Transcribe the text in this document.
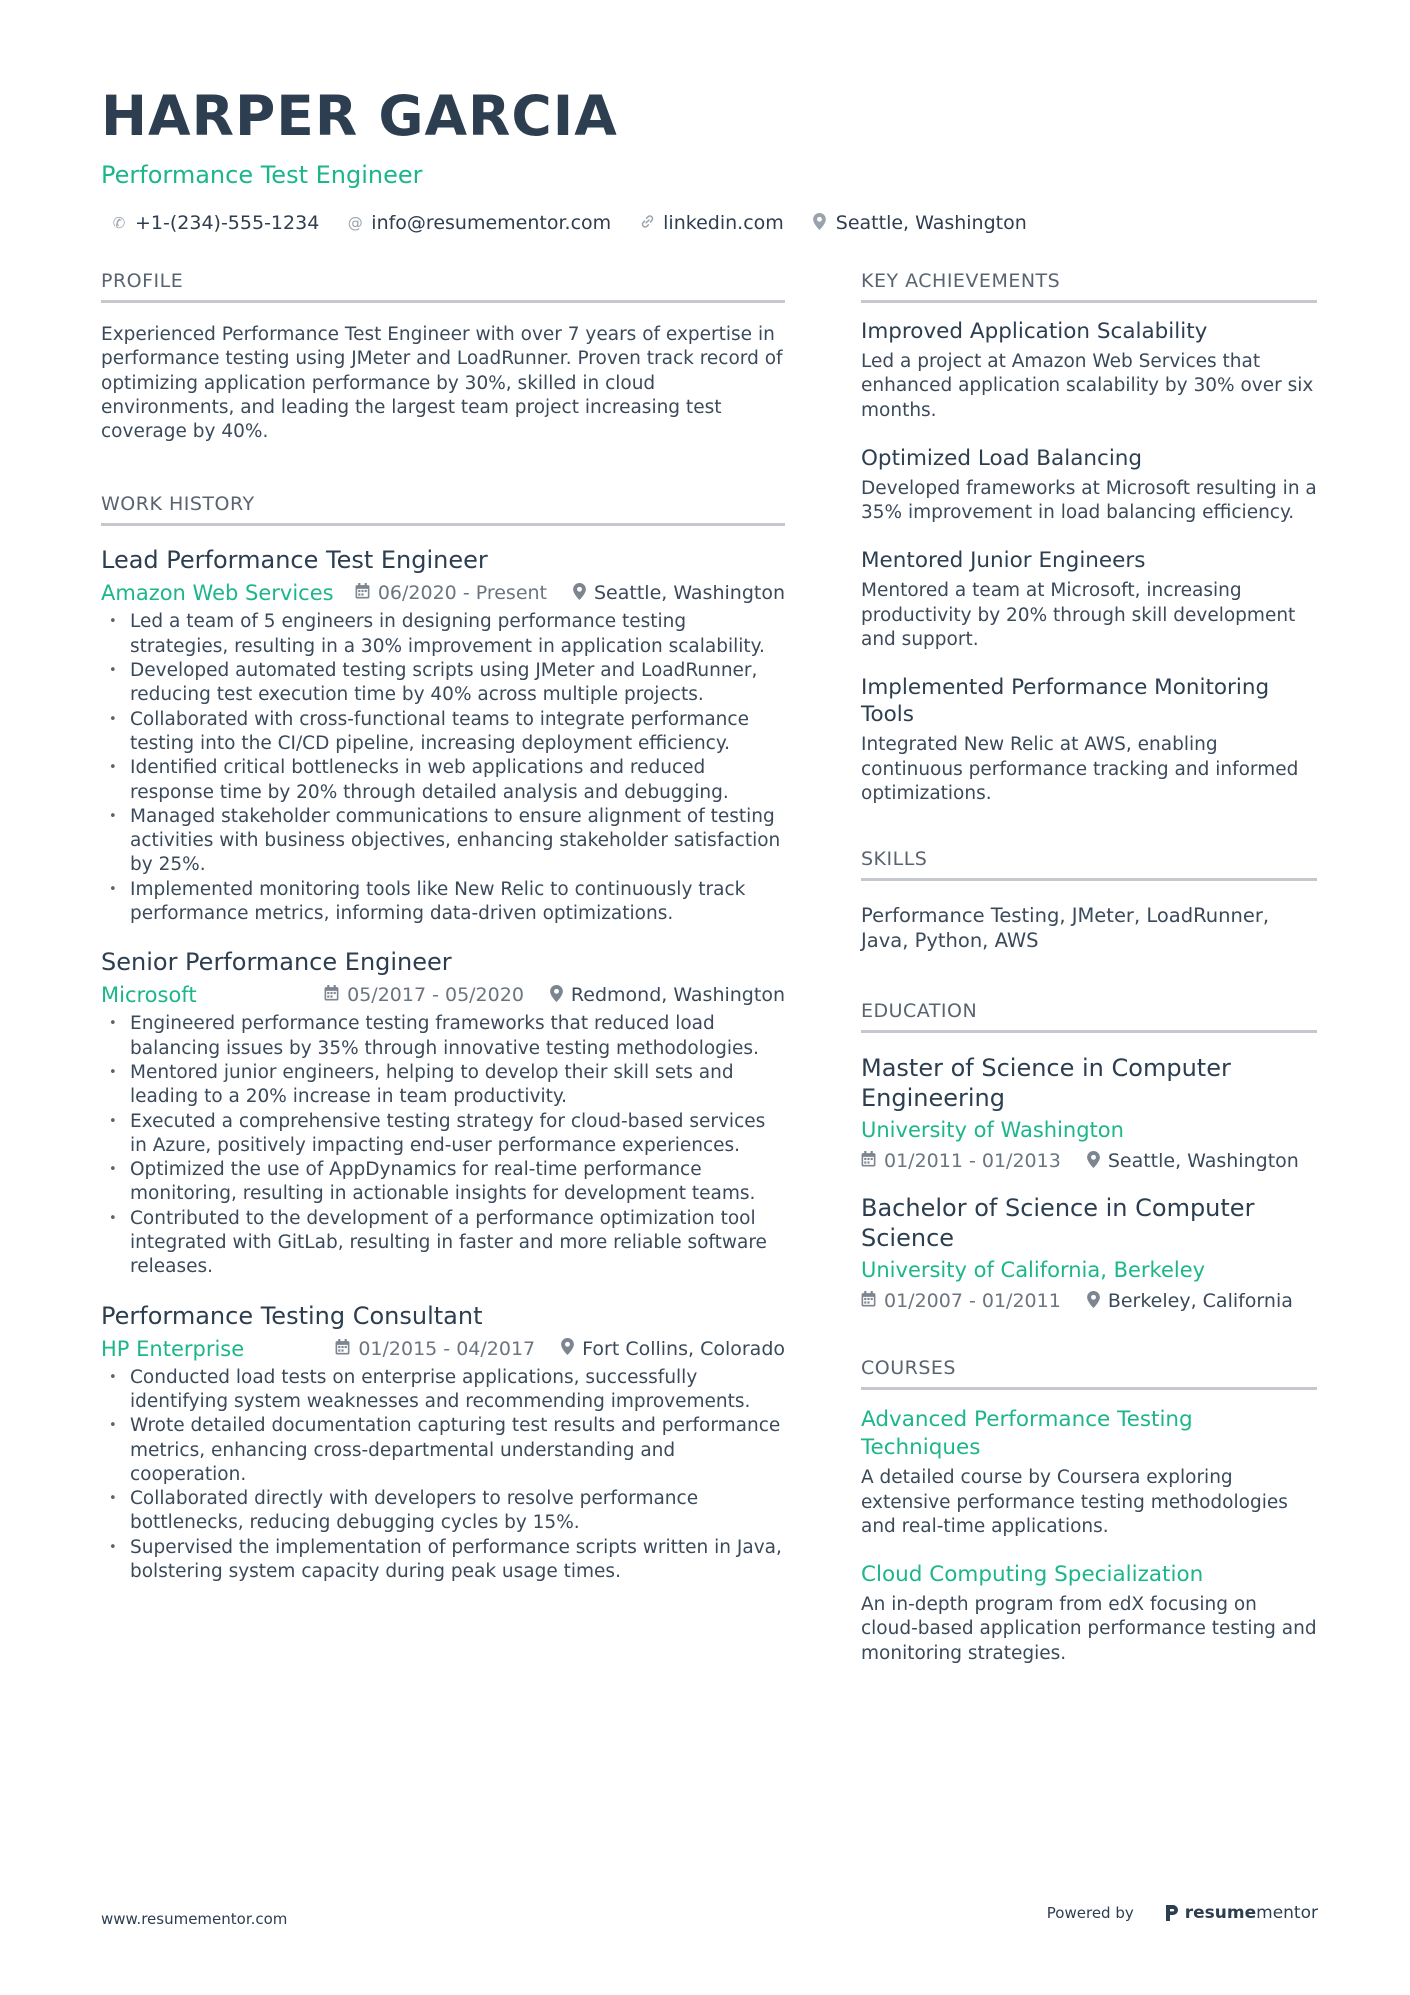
HARPER GARCIA
Performance Test Engineer
✆ +1-(234)-555-1234 @ info@resumementor.com	linkedin.com	Seattle, Washington
PROFILE
Experienced Performance Test Engineer with over 7 years of expertise in performance testing using JMeter and LoadRunner. Proven track record of optimizing application performance by 30%, skilled in cloud environments, and leading the largest team project increasing test coverage by 40%.
WORK HISTORY
Lead Performance Test Engineer
Amazon Web Services 06/2020 - Present Seattle, Washington
• Led a team of 5 engineers in designing performance testing strategies, resulting in a 30% improvement in application scalability.
• Developed automated testing scripts using JMeter and LoadRunner, reducing test execution time by 40% across multiple projects.
• Collaborated with cross-functional teams to integrate performance testing into the CI/CD pipeline, increasing deployment efficiency.
• Identified critical bottlenecks in web applications and reduced response time by 20% through detailed analysis and debugging.
• Managed stakeholder communications to ensure alignment of testing activities with business objectives, enhancing stakeholder satisfaction by 25%.
• Implemented monitoring tools like New Relic to continuously track performance metrics, informing data-driven optimizations.
Senior Performance Engineer
Microsoft	05/2017 - 05/2020 Redmond, Washington
• Engineered performance testing frameworks that reduced load balancing issues by 35% through innovative testing methodologies.
• Mentored junior engineers, helping to develop their skill sets and leading to a 20% increase in team productivity.
• Executed a comprehensive testing strategy for cloud-based services in Azure, positively impacting end-user performance experiences.
• Optimized the use of AppDynamics for real-time performance monitoring, resulting in actionable insights for development teams.
• Contributed to the development of a performance optimization tool integrated with GitLab, resulting in faster and more reliable software releases.
Performance Testing Consultant
HP Enterprise	01/2015 - 04/2017 Fort Collins, Colorado
• Conducted load tests on enterprise applications, successfully identifying system weaknesses and recommending improvements.
• Wrote detailed documentation capturing test results and performance metrics, enhancing cross-departmental understanding and cooperation.
• Collaborated directly with developers to resolve performance bottlenecks, reducing debugging cycles by 15%.
• Supervised the implementation of performance scripts written in Java, bolstering system capacity during peak usage times.
KEY ACHIEVEMENTS
Improved Application Scalability
Led a project at Amazon Web Services that enhanced application scalability by 30% over six months.
Optimized Load Balancing
Developed frameworks at Microsoft resulting in a 35% improvement in load balancing efficiency.
Mentored Junior Engineers
Mentored a team at Microsoft, increasing productivity by 20% through skill development and support.
Implemented Performance Monitoring Tools
Integrated New Relic at AWS, enabling continuous performance tracking and informed optimizations.
SKILLS
Performance Testing, JMeter, LoadRunner, Java, Python, AWS
EDUCATION
Master of Science in Computer Engineering
University of Washington
01/2011 - 01/2013 Seattle, Washington
Bachelor of Science in Computer Science
University of California, Berkeley
01/2007 - 01/2011 Berkeley, California
COURSES
Advanced Performance Testing Techniques
A detailed course by Coursera exploring extensive performance testing methodologies and real-time applications.
Cloud Computing Specialization
An in-depth program from edX focusing on cloud-based application performance testing and monitoring strategies.
www.resumementor.com	Powered by	resume mentor
